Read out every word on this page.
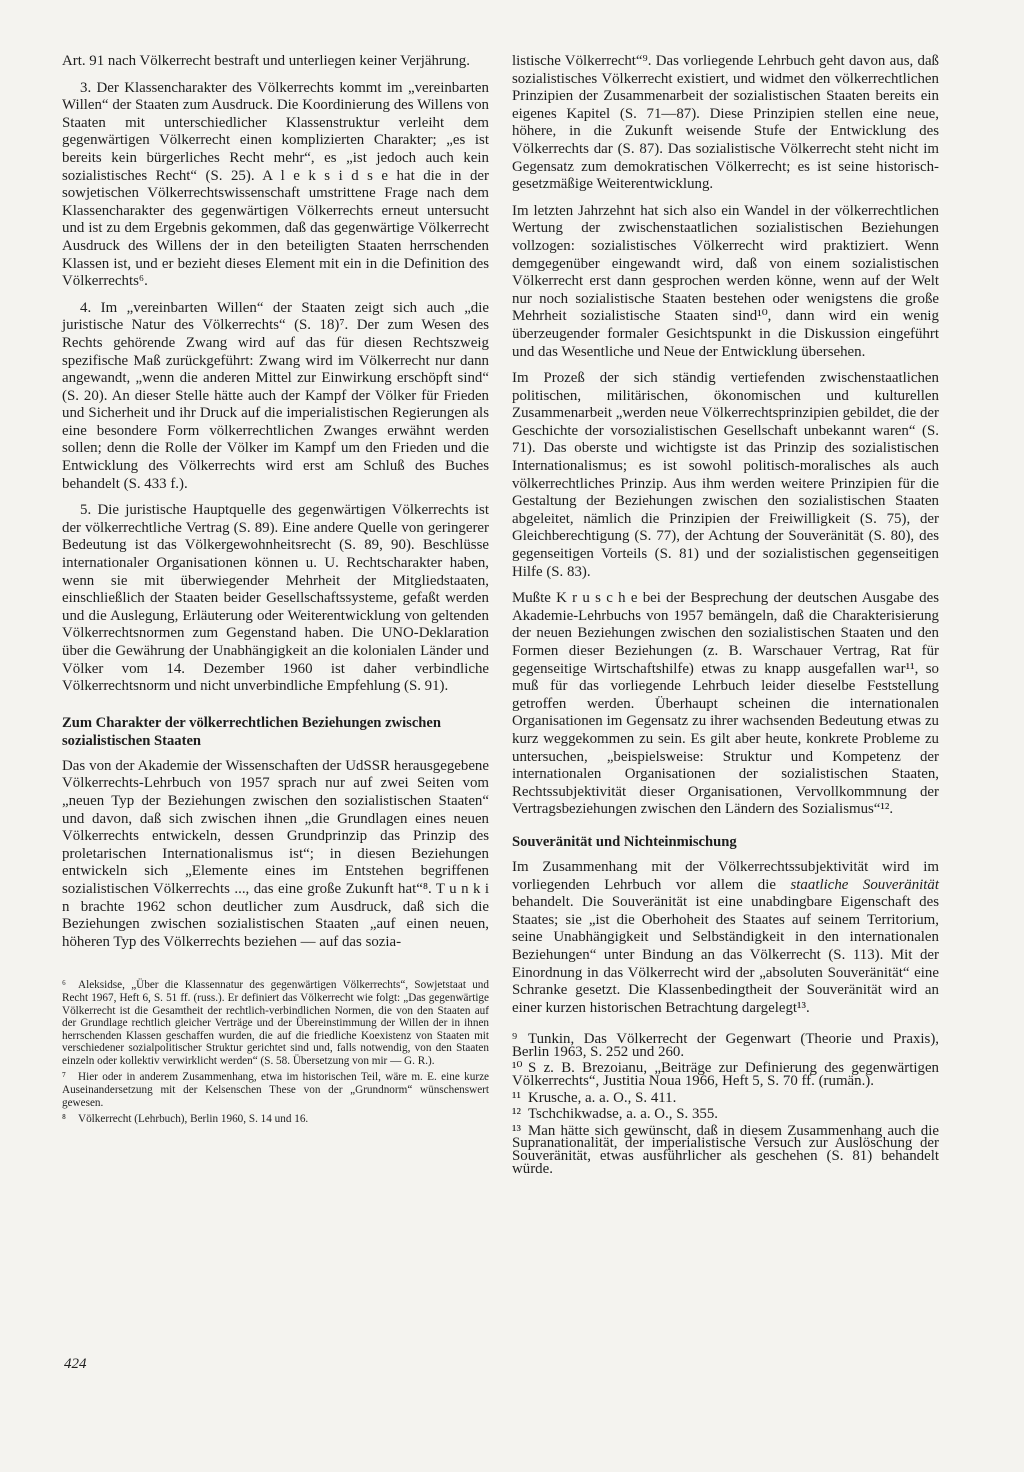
Art. 91 nach Völkerrecht bestraft und unterliegen keiner Verjährung.

3. Der Klassencharakter des Völkerrechts kommt im „vereinbarten Willen“ der Staaten zum Ausdruck. Die Koordinierung des Willens von Staaten mit unterschiedlicher Klassenstruktur verleiht dem gegenwärtigen Völkerrecht einen komplizierten Charakter; „es ist bereits kein bürgerliches Recht mehr“, es „ist jedoch auch kein sozialistisches Recht“ (S. 25). A l e k s i d s e hat die in der sowjetischen Völkerrechtswissenschaft umstrittene Frage nach dem Klassencharakter des gegenwärtigen Völkerrechts erneut untersucht und ist zu dem Ergebnis gekommen, daß das gegenwärtige Völkerrecht Ausdruck des Willens der in den beteiligten Staaten herrschenden Klassen ist, und er bezieht dieses Element mit ein in die Definition des Völkerrechts⁶.

4. Im „vereinbarten Willen“ der Staaten zeigt sich auch „die juristische Natur des Völkerrechts“ (S. 18)⁷. Der zum Wesen des Rechts gehörende Zwang wird auf das für diesen Rechtszweig spezifische Maß zurückgeführt: Zwang wird im Völkerrecht nur dann angewandt, „wenn die anderen Mittel zur Einwirkung erschöpft sind“ (S. 20). An dieser Stelle hätte auch der Kampf der Völker für Frieden und Sicherheit und ihr Druck auf die imperialistischen Regierungen als eine besondere Form völkerrechtlichen Zwanges erwähnt werden sollen; denn die Rolle der Völker im Kampf um den Frieden und die Entwicklung des Völkerrechts wird erst am Schluß des Buches behandelt (S. 433 f.).

5. Die juristische Hauptquelle des gegenwärtigen Völkerrechts ist der völkerrechtliche Vertrag (S. 89). Eine andere Quelle von geringerer Bedeutung ist das Völkergewohnheitsrecht (S. 89, 90). Beschlüsse internationaler Organisationen können u. U. Rechtscharakter haben, wenn sie mit überwiegender Mehrheit der Mitgliedstaaten, einschließlich der Staaten beider Gesellschaftssysteme, gefaßt werden und die Auslegung, Erläuterung oder Weiterentwicklung von geltenden Völkerrechtsnormen zum Gegenstand haben. Die UNO-Deklaration über die Gewährung der Unabhängigkeit an die kolonialen Länder und Völker vom 14. Dezember 1960 ist daher verbindliche Völkerrechtsnorm und nicht unverbindliche Empfehlung (S. 91).

Zum Charakter der völkerrechtlichen Beziehungen zwischen sozialistischen Staaten

Das von der Akademie der Wissenschaften der UdSSR herausgegebene Völkerrechts-Lehrbuch von 1957 sprach nur auf zwei Seiten vom „neuen Typ der Beziehungen zwischen den sozialistischen Staaten“ und davon, daß sich zwischen ihnen „die Grundlagen eines neuen Völkerrechts entwickeln, dessen Grundprinzip das Prinzip des proletarischen Internationalismus ist“; in diesen Beziehungen entwickeln sich „Elemente eines im Entstehen begriffenen sozialistischen Völkerrechts ..., das eine große Zukunft hat“⁸. T u n k i n brachte 1962 schon deutlicher zum Ausdruck, daß sich die Beziehungen zwischen sozialistischen Staaten „auf einen neuen, höheren Typ des Völkerrechts beziehen — auf das sozia-

⁶ Aleksidse, „Über die Klassennatur des gegenwärtigen Völkerrechts“, Sowjetstaat und Recht 1967, Heft 6, S. 51 ff. (russ.). Er definiert das Völkerrecht wie folgt: „Das gegenwärtige Völkerrecht ist die Gesamtheit der rechtlich-verbindlichen Normen, die von den Staaten auf der Grundlage rechtlich gleicher Verträge und der Übereinstimmung der Willen der in ihnen herrschenden Klassen geschaffen wurden, die auf die friedliche Koexistenz von Staaten mit verschiedener sozialpolitischer Struktur gerichtet sind und, falls notwendig, von den Staaten einzeln oder kollektiv verwirklicht werden“ (S. 58. Übersetzung von mir — G. R.).

⁷ Hier oder in anderem Zusammenhang, etwa im historischen Teil, wäre m. E. eine kurze Auseinandersetzung mit der Kelsenschen These von der „Grundnorm“ wünschenswert gewesen.

⁸ Völkerrecht (Lehrbuch), Berlin 1960, S. 14 und 16.

listische Völkerrecht“⁹. Das vorliegende Lehrbuch geht davon aus, daß sozialistisches Völkerrecht existiert, und widmet den völkerrechtlichen Prinzipien der Zusammenarbeit der sozialistischen Staaten bereits ein eigenes Kapitel (S. 71—87). Diese Prinzipien stellen eine neue, höhere, in die Zukunft weisende Stufe der Entwicklung des Völkerrechts dar (S. 87). Das sozialistische Völkerrecht steht nicht im Gegensatz zum demokratischen Völkerrecht; es ist seine historisch-gesetzmäßige Weiterentwicklung.

Im letzten Jahrzehnt hat sich also ein Wandel in der völkerrechtlichen Wertung der zwischenstaatlichen sozialistischen Beziehungen vollzogen: sozialistisches Völkerrecht wird praktiziert. Wenn demgegenüber eingewandt wird, daß von einem sozialistischen Völkerrecht erst dann gesprochen werden könne, wenn auf der Welt nur noch sozialistische Staaten bestehen oder wenigstens die große Mehrheit sozialistische Staaten sind¹⁰, dann wird ein wenig überzeugender formaler Gesichtspunkt in die Diskussion eingeführt und das Wesentliche und Neue der Entwicklung übersehen.

Im Prozeß der sich ständig vertiefenden zwischenstaatlichen politischen, militärischen, ökonomischen und kulturellen Zusammenarbeit „werden neue Völkerrechtsprinzipien gebildet, die der Geschichte der vorsozialistischen Gesellschaft unbekannt waren“ (S. 71). Das oberste und wichtigste ist das Prinzip des sozialistischen Internationalismus; es ist sowohl politisch-moralisches als auch völkerrechtliches Prinzip. Aus ihm werden weitere Prinzipien für die Gestaltung der Beziehungen zwischen den sozialistischen Staaten abgeleitet, nämlich die Prinzipien der Freiwilligkeit (S. 75), der Gleichberechtigung (S. 77), der Achtung der Souveränität (S. 80), des gegenseitigen Vorteils (S. 81) und der sozialistischen gegenseitigen Hilfe (S. 83).

Mußte K r u s c h e bei der Besprechung der deutschen Ausgabe des Akademie-Lehrbuchs von 1957 bemängeln, daß die Charakterisierung der neuen Beziehungen zwischen den sozialistischen Staaten und den Formen dieser Beziehungen (z. B. Warschauer Vertrag, Rat für gegenseitige Wirtschaftshilfe) etwas zu knapp ausgefallen war¹¹, so muß für das vorliegende Lehrbuch leider dieselbe Feststellung getroffen werden. Überhaupt scheinen die internationalen Organisationen im Gegensatz zu ihrer wachsenden Bedeutung etwas zu kurz weggekommen zu sein. Es gilt aber heute, konkrete Probleme zu untersuchen, „beispielsweise: Struktur und Kompetenz der internationalen Organisationen der sozialistischen Staaten, Rechtssubjektivität dieser Organisationen, Vervollkommnung der Vertragsbeziehungen zwischen den Ländern des Sozialismus“¹².

Souveränität und Nichteinmischung

Im Zusammenhang mit der Völkerrechtssubjektivität wird im vorliegenden Lehrbuch vor allem die staatliche Souveränität behandelt. Die Souveränität ist eine unabdingbare Eigenschaft des Staates; sie „ist die Oberhoheit des Staates auf seinem Territorium, seine Unabhängigkeit und Selbständigkeit in den internationalen Beziehungen“ unter Bindung an das Völkerrecht (S. 113). Mit der Einordnung in das Völkerrecht wird der „absoluten Souveränität“ eine Schranke gesetzt. Die Klassenbedingtheit der Souveränität wird an einer kurzen historischen Betrachtung dargelegt¹³.

⁹ Tunkin, Das Völkerrecht der Gegenwart (Theorie und Praxis), Berlin 1963, S. 252 und 260.

¹⁰ S z. B. Brezoianu, „Beiträge zur Definierung des gegenwärtigen Völkerrechts“, Justitia Noua 1966, Heft 5, S. 70 ff. (rumän.).

¹¹ Krusche, a. a. O., S. 411.

¹² Tschchikwadse, a. a. O., S. 355.

¹³ Man hätte sich gewünscht, daß in diesem Zusammenhang auch die Supranationalität, der imperialistische Versuch zur Auslöschung der Souveränität, etwas ausführlicher als geschehen (S. 81) behandelt würde.

424
